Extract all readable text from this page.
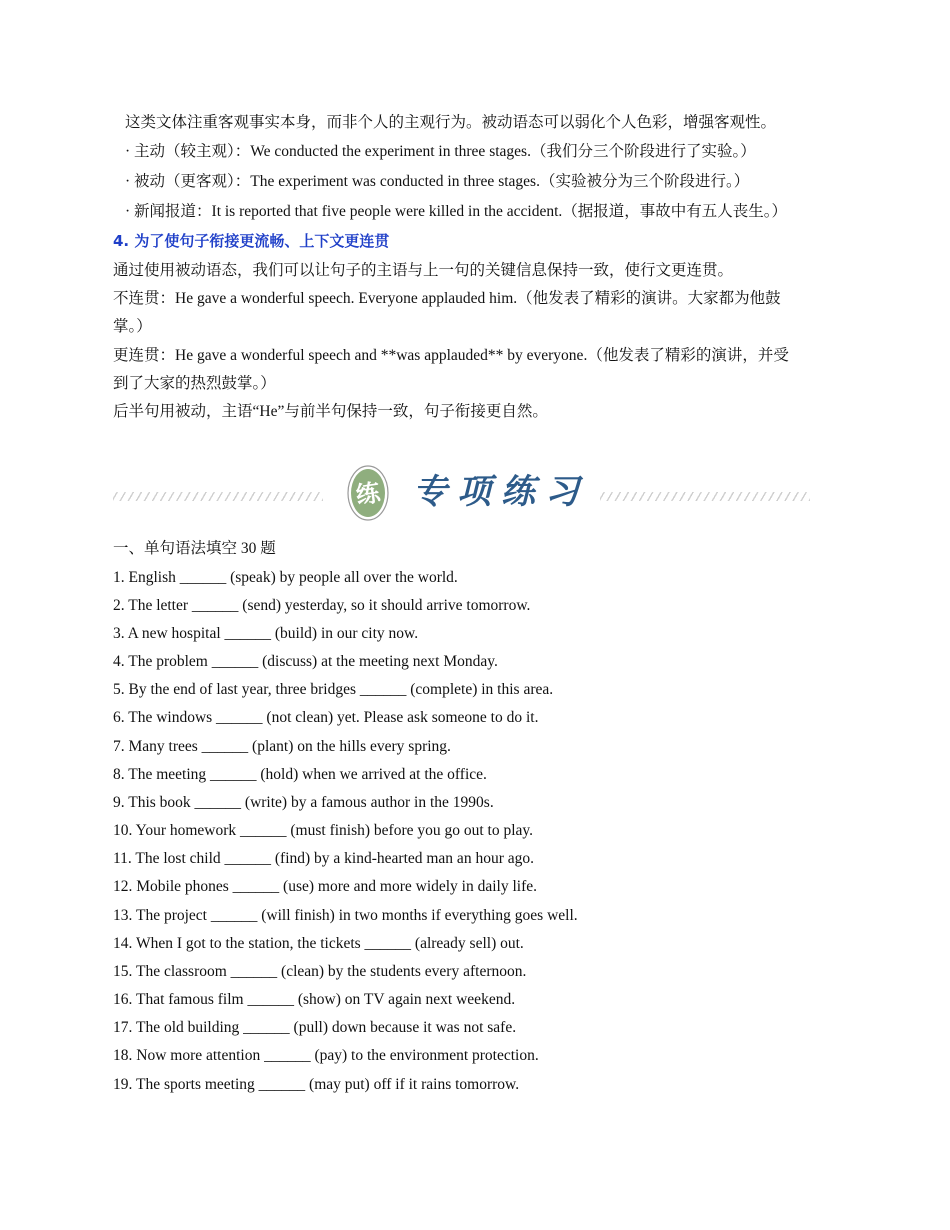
这类文体注重客观事实本身，而非个人的主观行为。被动语态可以弱化个人色彩，增强客观性。
· 主动（较主观）：We conducted the experiment in three stages.（我们分三个阶段进行了实验。）
· 被动（更客观）：The experiment was conducted in three stages.（实验被分为三个阶段进行。）
· 新闻报道：It is reported that five people were killed in the accident.（据报道，事故中有五人丧生。）
4. 为了使句子衔接更流畅、上下文更连贯
通过使用被动语态，我们可以让句子的主语与上一句的关键信息保持一致，使行文更连贯。
不连贯：He gave a wonderful speech. Everyone applauded him.（他发表了精彩的演讲。大家都为他鼓
掌。）
更连贯：He gave a wonderful speech and **was applauded** by everyone.（他发表了精彩的演讲，并受
到了大家的热烈鼓掌。）
后半句用被动，主语“He”与前半句保持一致，句子衔接更自然。
练 专项练习
一、单句语法填空 30 题
1. English ______ (speak) by people all over the world.
2. The letter ______ (send) yesterday, so it should arrive tomorrow.
3. A new hospital ______ (build) in our city now.
4. The problem ______ (discuss) at the meeting next Monday.
5. By the end of last year, three bridges ______ (complete) in this area.
6. The windows ______ (not clean) yet. Please ask someone to do it.
7. Many trees ______ (plant) on the hills every spring.
8. The meeting ______ (hold) when we arrived at the office.
9. This book ______ (write) by a famous author in the 1990s.
10. Your homework ______ (must finish) before you go out to play.
11. The lost child ______ (find) by a kind-hearted man an hour ago.
12. Mobile phones ______ (use) more and more widely in daily life.
13. The project ______ (will finish) in two months if everything goes well.
14. When I got to the station, the tickets ______ (already sell) out.
15. The classroom ______ (clean) by the students every afternoon.
16. That famous film ______ (show) on TV again next weekend.
17. The old building ______ (pull) down because it was not safe.
18. Now more attention ______ (pay) to the environment protection.
19. The sports meeting ______ (may put) off if it rains tomorrow.
